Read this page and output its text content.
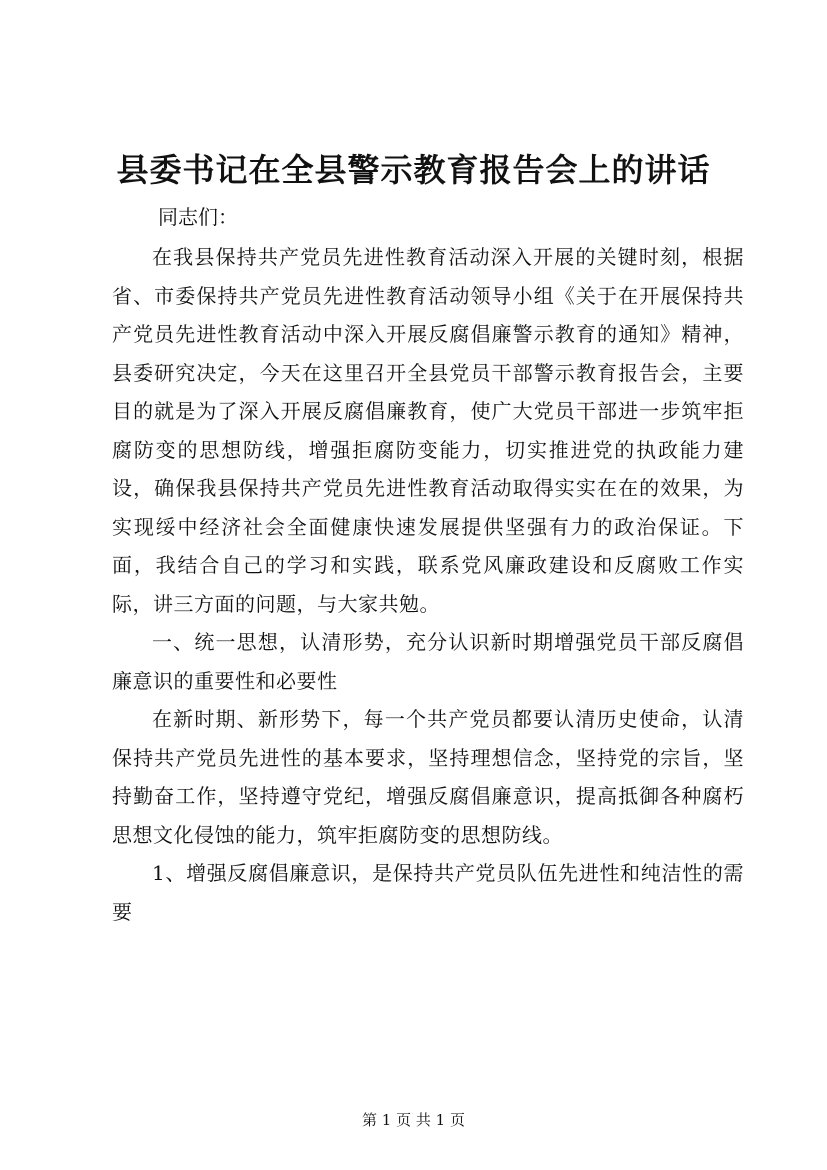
县委书记在全县警示教育报告会上的讲话
同志们：

在我县保持共产党员先进性教育活动深入开展的关键时刻，根据省、市委保持共产党员先进性教育活动领导小组《关于在开展保持共产党员先进性教育活动中深入开展反腐倡廉警示教育的通知》精神，县委研究决定，今天在这里召开全县党员干部警示教育报告会，主要目的就是为了深入开展反腐倡廉教育，使广大党员干部进一步筑牢拒腐防变的思想防线，增强拒腐防变能力，切实推进党的执政能力建设，确保我县保持共产党员先进性教育活动取得实实在在的效果，为实现绥中经济社会全面健康快速发展提供坚强有力的政治保证。下面，我结合自己的学习和实践，联系党风廉政建设和反腐败工作实际，讲三方面的问题，与大家共勉。

一、统一思想，认清形势，充分认识新时期增强党员干部反腐倡廉意识的重要性和必要性

在新时期、新形势下，每一个共产党员都要认清历史使命，认清保持共产党员先进性的基本要求，坚持理想信念，坚持党的宗旨，坚持勤奋工作，坚持遵守党纪，增强反腐倡廉意识，提高抵御各种腐朽思想文化侵蚀的能力，筑牢拒腐防变的思想防线。

1、增强反腐倡廉意识，是保持共产党员队伍先进性和纯洁性的需要

第 1 页 共 1 页
